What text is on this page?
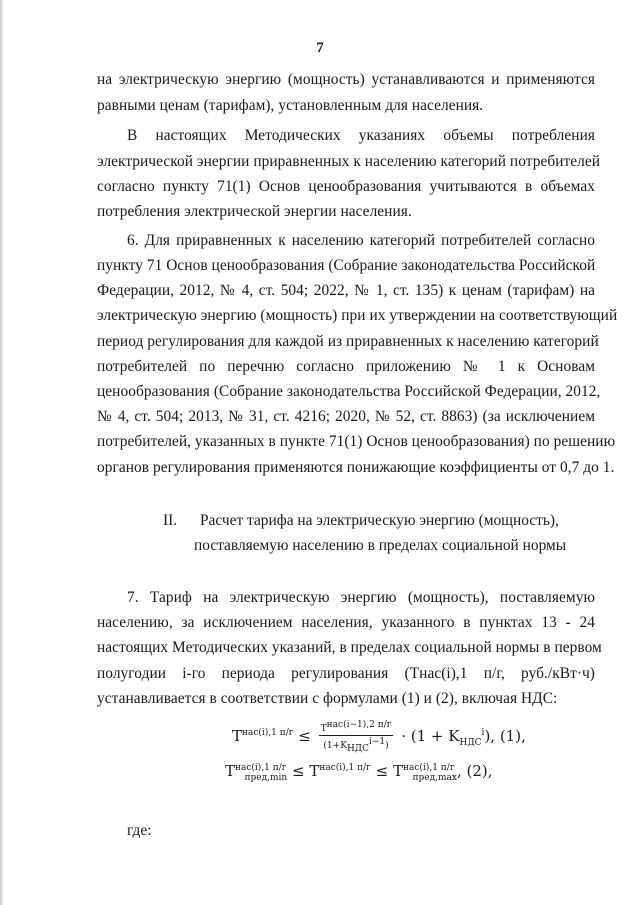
7
на электрическую энергию (мощность) устанавливаются и применяются
равными ценам (тарифам), установленным для населения.
В настоящих Методических указаниях объемы потребления
электрической энергии приравненных к населению категорий потребителей
согласно пункту 71(1) Основ ценообразования учитываются в объемах
потребления электрической энергии населения.
6. Для приравненных к населению категорий потребителей согласно
пункту 71 Основ ценообразования (Собрание законодательства Российской
Федерации, 2012, № 4, ст. 504; 2022, № 1, ст. 135) к ценам (тарифам) на
электрическую энергию (мощность) при их утверждении на соответствующий
период регулирования для каждой из приравненных к населению категорий
потребителей по перечню согласно приложению № 1 к Основам
ценообразования (Собрание законодательства Российской Федерации, 2012,
№ 4, ст. 504; 2013, № 31, ст. 4216; 2020, № 52, ст. 8863) (за исключением
потребителей, указанных в пункте 71(1) Основ ценообразования) по решению
органов регулирования применяются понижающие коэффициенты от 0,7 до 1.
II. Расчет тарифа на электрическую энергию (мощность),
поставляемую населению в пределах социальной нормы
7. Тариф на электрическую энергию (мощность), поставляемую
населению, за исключением населения, указанного в пунктах 13 - 24
настоящих Методических указаний, в пределах социальной нормы в первом
полугодии i-го периода регулирования (Tнас(i),1 п/г, руб./кВт·ч)
устанавливается в соответствии с формулами (1) и (2), включая НДС:
$T^{нас(i),1 п/г} \le \frac{T^{нас(i-1),2 п/г}}{(1+K_{НДС}^{i-1})} \cdot (1 + K_{НДС}^i)$, (1),
$T^{нас(i),1 п/г}_{пред,min} \le T^{нас(i),1 п/г} \le T^{нас(i),1 п/г}_{пред,max}$, (2),
где:
